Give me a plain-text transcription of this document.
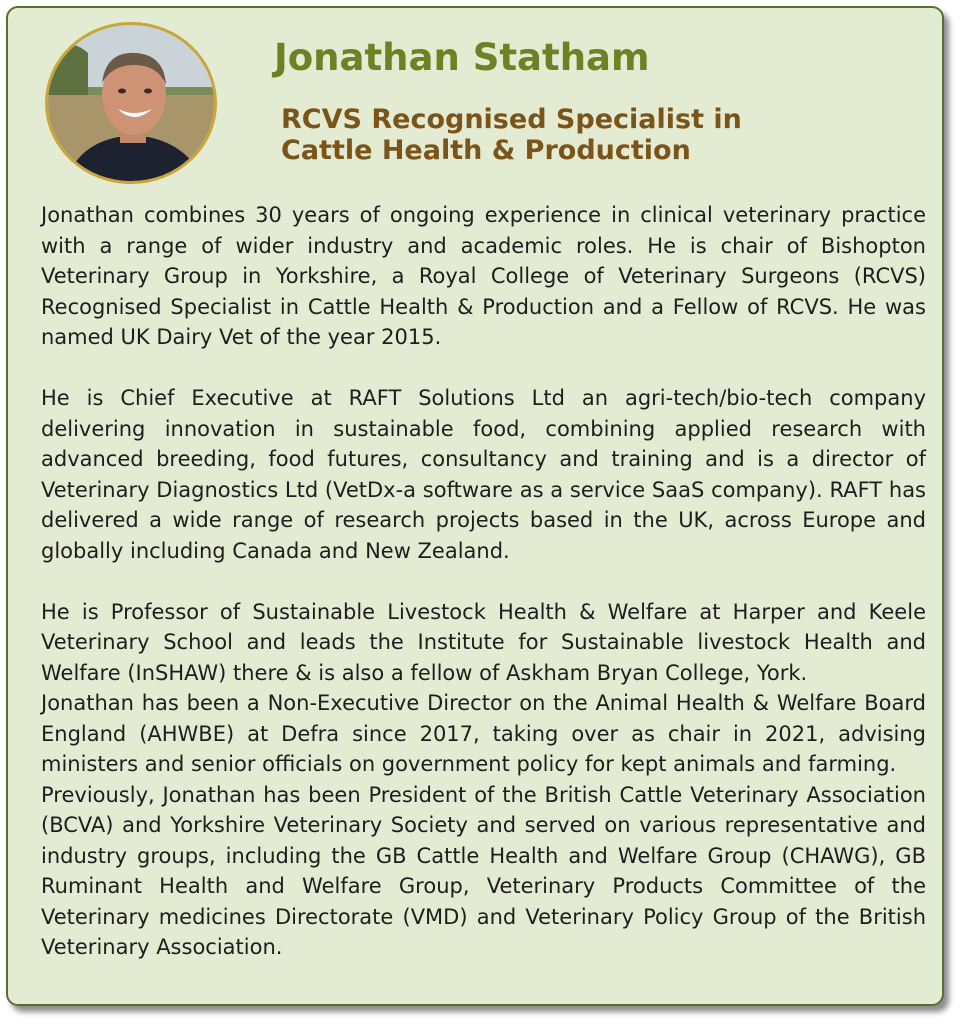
Jonathan Statham
RCVS Recognised Specialist in
Cattle Health & Production

Jonathan combines 30 years of ongoing experience in clinical veterinary practice with a range of wider industry and academic roles. He is chair of Bishopton Veterinary Group in Yorkshire, a Royal College of Veterinary Surgeons (RCVS) Recognised Specialist in Cattle Health & Production and a Fellow of RCVS. He was named UK Dairy Vet of the year 2015.

He is Chief Executive at RAFT Solutions Ltd an agri-tech/bio-tech company delivering innovation in sustainable food, combining applied research with advanced breeding, food futures, consultancy and training and is a director of Veterinary Diagnostics Ltd (VetDx-a software as a service SaaS company). RAFT has delivered a wide range of research projects based in the UK, across Europe and globally including Canada and New Zealand.

He is Professor of Sustainable Livestock Health & Welfare at Harper and Keele Veterinary School and leads the Institute for Sustainable livestock Health and Welfare (InSHAW) there & is also a fellow of Askham Bryan College, York.

Jonathan has been a Non-Executive Director on the Animal Health & Welfare Board England (AHWBE) at Defra since 2017, taking over as chair in 2021, advising ministers and senior officials on government policy for kept animals and farming.

Previously, Jonathan has been President of the British Cattle Veterinary Association (BCVA) and Yorkshire Veterinary Society and served on various representative and industry groups, including the GB Cattle Health and Welfare Group (CHAWG), GB Ruminant Health and Welfare Group, Veterinary Products Committee of the Veterinary medicines Directorate (VMD) and Veterinary Policy Group of the British Veterinary Association.
